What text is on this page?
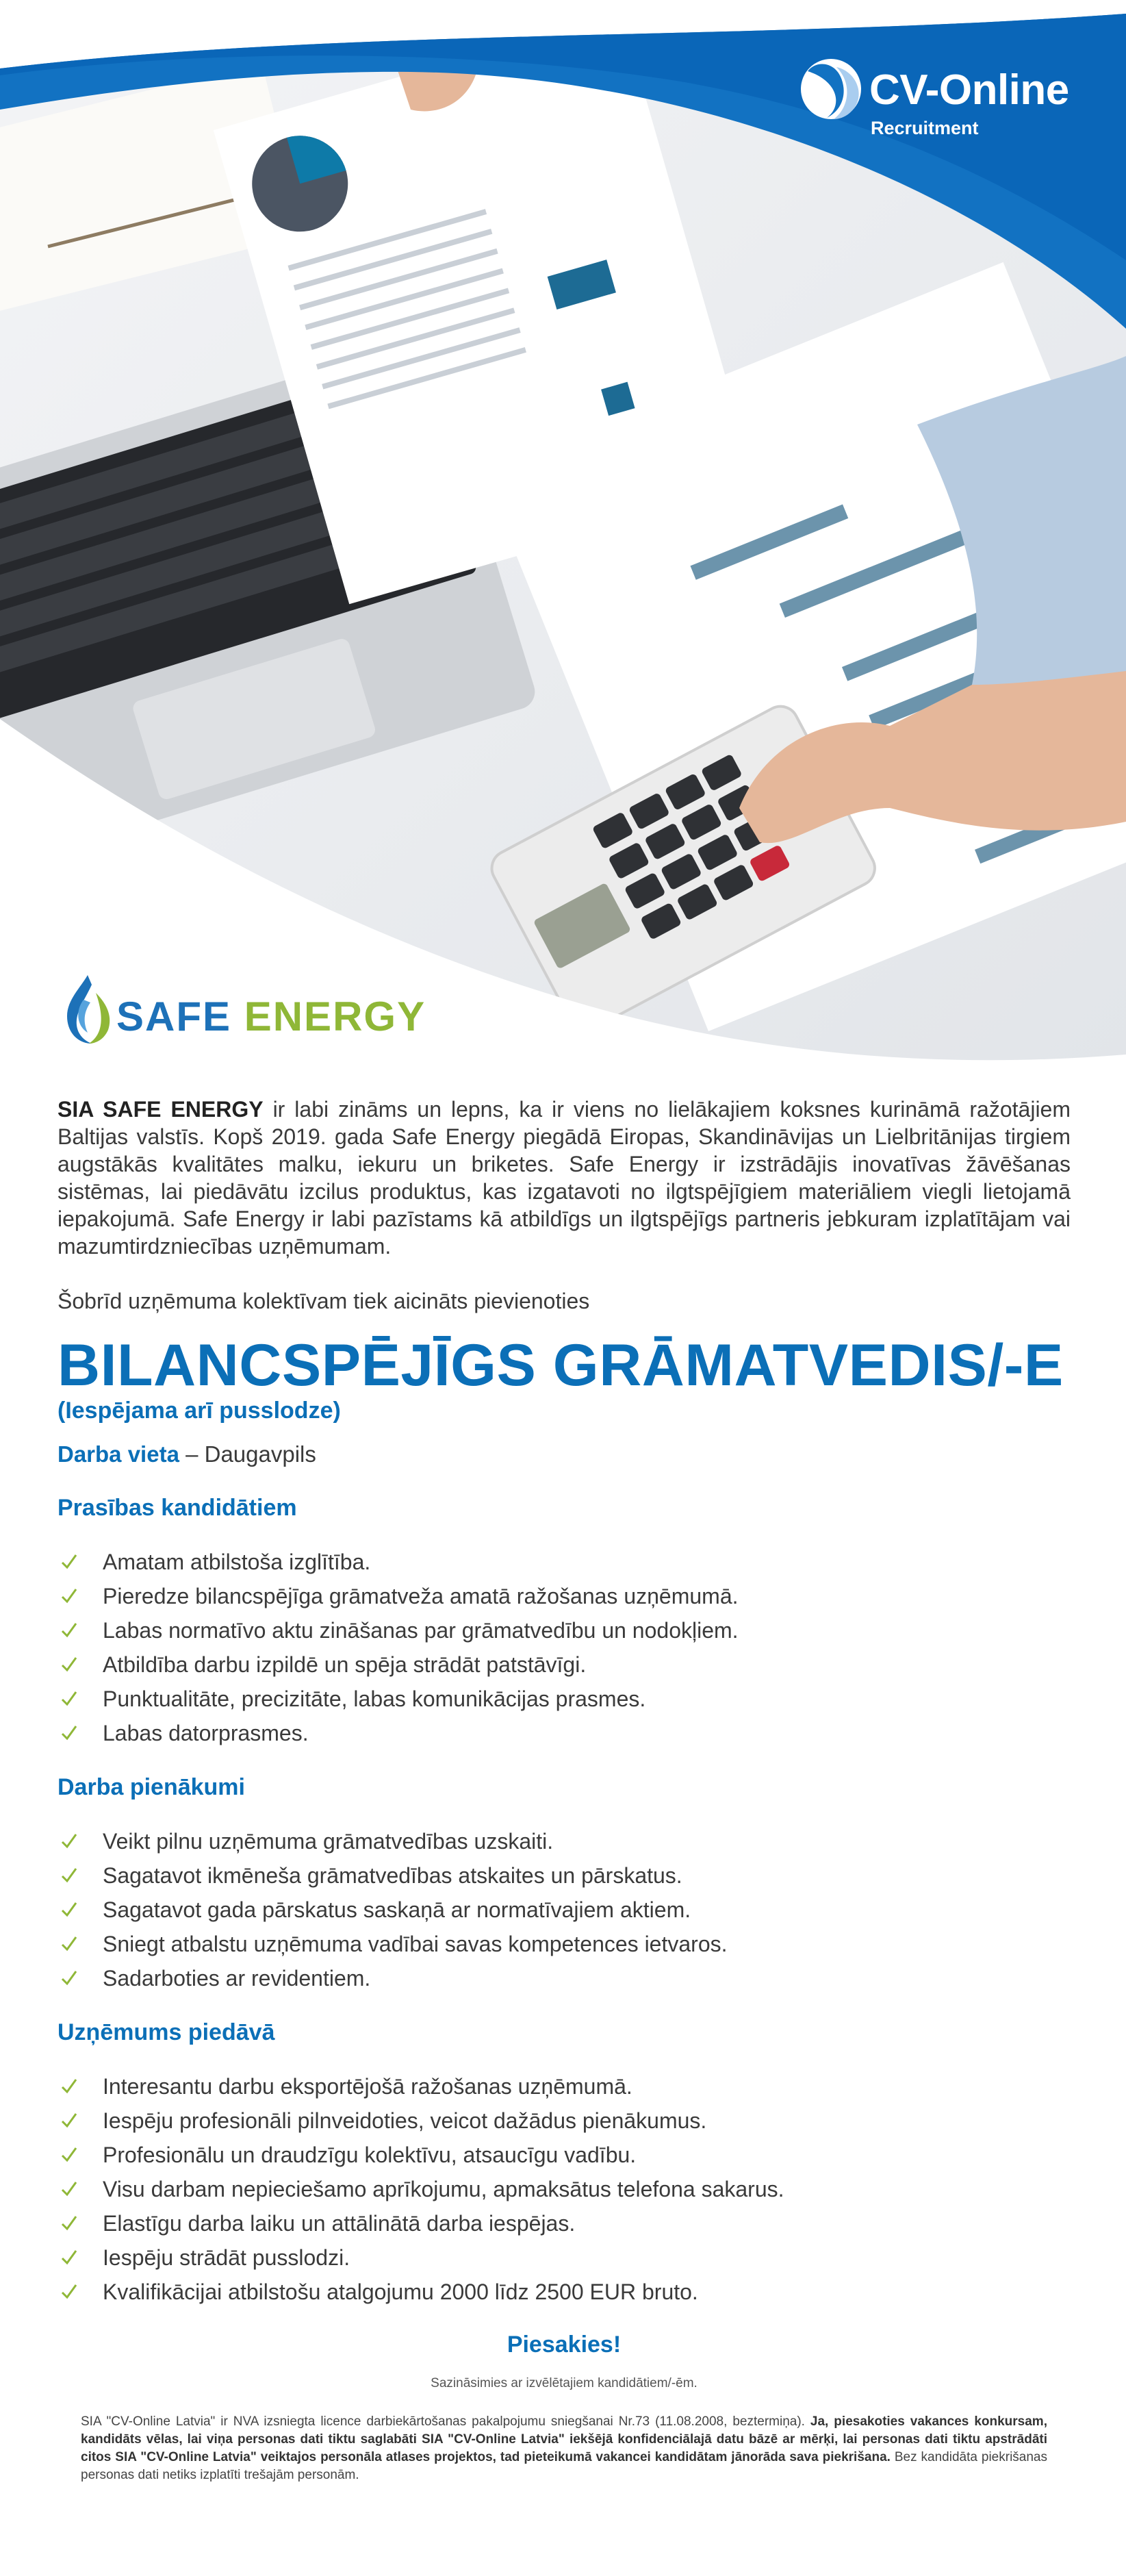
CV-Online
Recruitment
SAFE ENERGY

SIA SAFE ENERGY ir labi zināms un lepns, ka ir viens no lielākajiem koksnes kurināmā ražotājiem Baltijas valstīs. Kopš 2019. gada Safe Energy piegādā Eiropas, Skandināvijas un Lielbritānijas tirgiem augstākās kvalitātes malku, iekuru un briketes. Safe Energy ir izstrādājis inovatīvas žāvēšanas sistēmas, lai piedāvātu izcilus produktus, kas izgatavoti no ilgtspējīgiem materiāliem viegli lietojamā iepakojumā. Safe Energy ir labi pazīstams kā atbildīgs un ilgtspējīgs partneris jebkuram izplatītājam vai mazumtirdzniecības uzņēmumam.

Šobrīd uzņēmuma kolektīvam tiek aicināts pievienoties

BILANCSPĒJĪGS GRĀMATVEDIS/-E
(Iespējama arī pusslodze)
Darba vieta – Daugavpils
Prasības kandidātiem
Amatam atbilstoša izglītība.
Pieredze bilancspējīga grāmatveža amatā ražošanas uzņēmumā.
Labas normatīvo aktu zināšanas par grāmatvedību un nodokļiem.
Atbildība darbu izpildē un spēja strādāt patstāvīgi.
Punktualitāte, precizitāte, labas komunikācijas prasmes.
Labas datorprasmes.
Darba pienākumi
Veikt pilnu uzņēmuma grāmatvedības uzskaiti.
Sagatavot ikmēneša grāmatvedības atskaites un pārskatus.
Sagatavot gada pārskatus saskaņā ar normatīvajiem aktiem.
Sniegt atbalstu uzņēmuma vadībai savas kompetences ietvaros.
Sadarboties ar revidentiem.
Uzņēmums piedāvā
Interesantu darbu eksportējošā ražošanas uzņēmumā.
Iespēju profesionāli pilnveidoties, veicot dažādus pienākumus.
Profesionālu un draudzīgu kolektīvu, atsaucīgu vadību.
Visu darbam nepieciešamo aprīkojumu, apmaksātus telefona sakarus.
Elastīgu darba laiku un attālinātā darba iespējas.
Iespēju strādāt pusslodzi.
Kvalifikācijai atbilstošu atalgojumu 2000 līdz 2500 EUR bruto.
Piesakies!
Sazināsimies ar izvēlētajiem kandidātiem/-ēm.

SIA "CV-Online Latvia" ir NVA izsniegta licence darbiekārtošanas pakalpojumu sniegšanai Nr.73 (11.08.2008, beztermiņa). Ja, piesakoties vakances konkursam, kandidāts vēlas, lai viņa personas dati tiktu saglabāti SIA "CV-Online Latvia" iekšējā konfidenciālajā datu bāzē ar mērķi, lai personas dati tiktu apstrādāti citos SIA "CV-Online Latvia" veiktajos personāla atlases projektos, tad pieteikumā vakancei kandidātam jānorāda sava piekrišana. Bez kandidāta piekrišanas personas dati netiks izplatīti trešajām personām.
